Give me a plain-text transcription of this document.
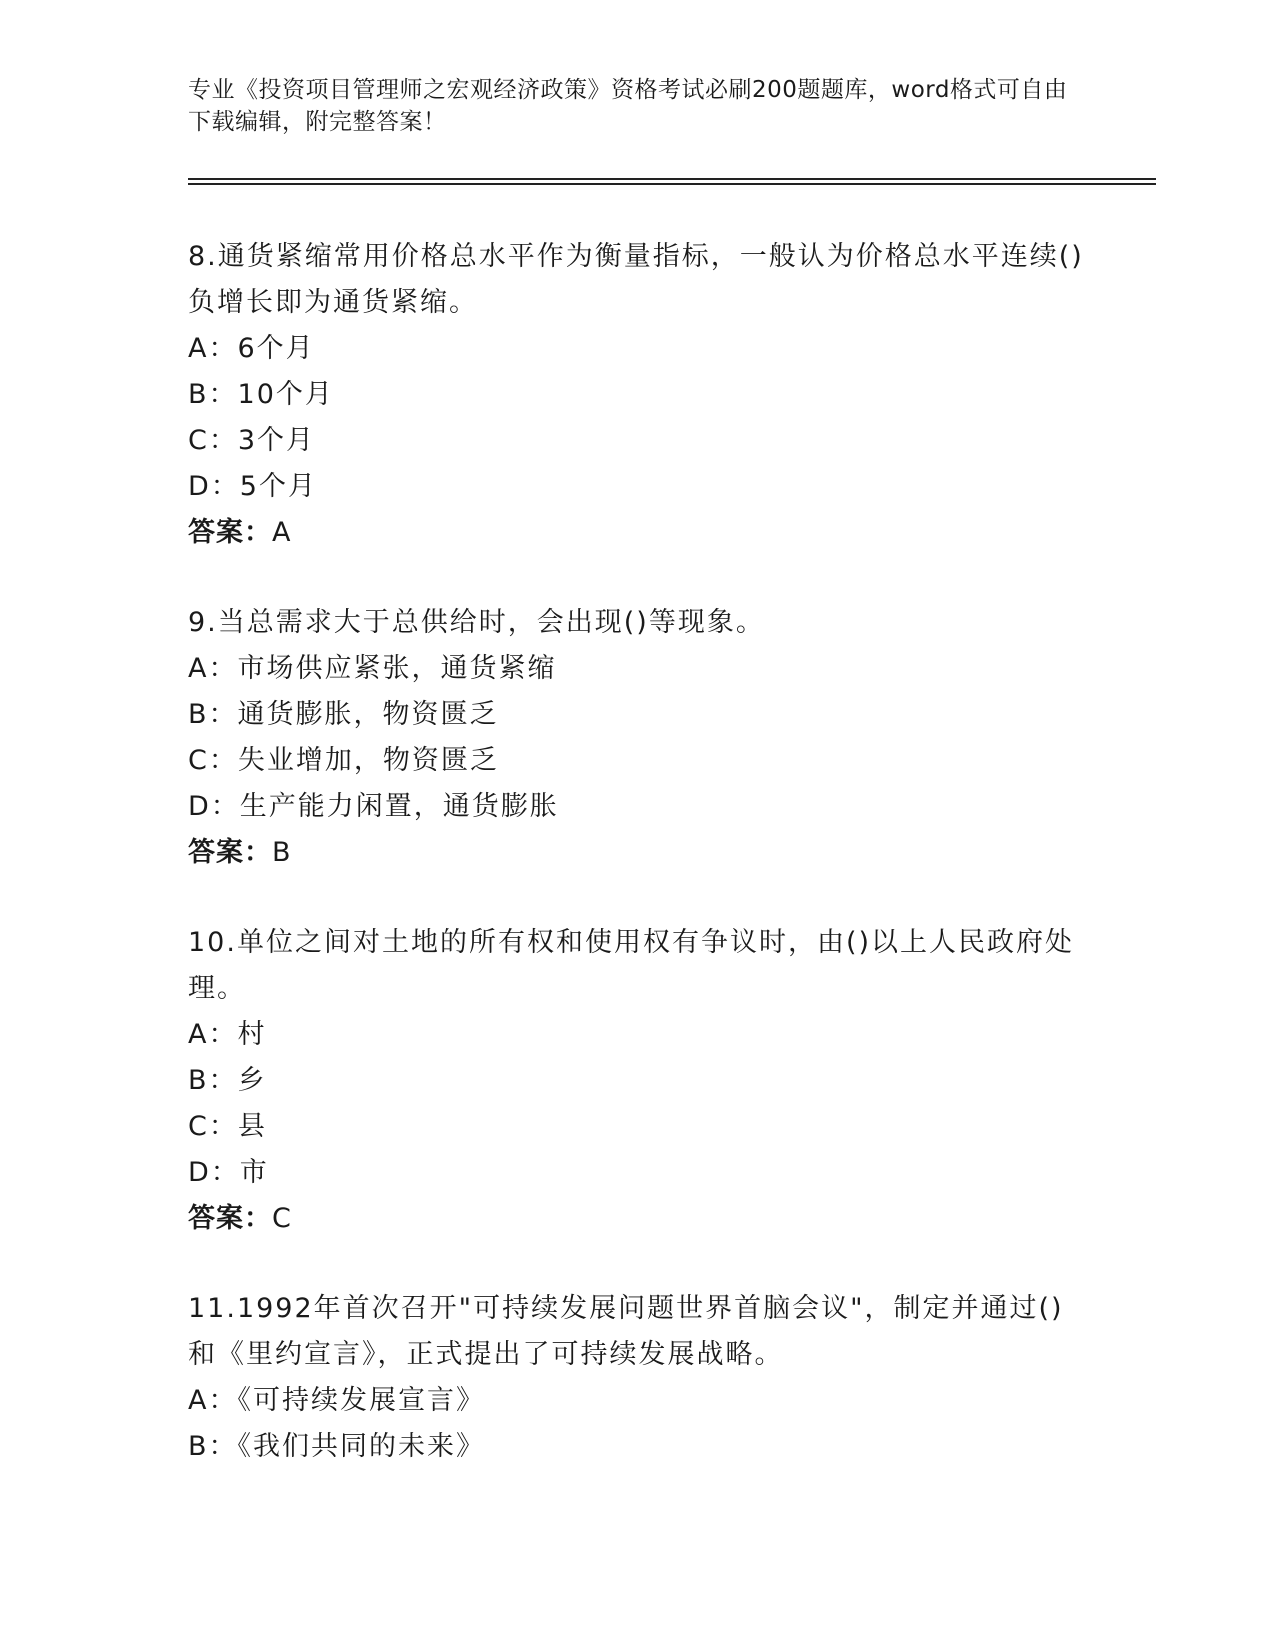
专业《投资项目管理师之宏观经济政策》资格考试必刷200题题库，word格式可自由下载编辑，附完整答案！

8.通货紧缩常用价格总水平作为衡量指标，一般认为价格总水平连续()负增长即为通货紧缩。

A：6个月

B：10个月

C：3个月

D：5个月

答案：A

9.当总需求大于总供给时，会出现()等现象。

A：市场供应紧张，通货紧缩

B：通货膨胀，物资匮乏

C：失业增加，物资匮乏

D：生产能力闲置，通货膨胀

答案：B

10.单位之间对土地的所有权和使用权有争议时，由()以上人民政府处理。

A：村

B：乡

C：县

D：市

答案：C

11.1992年首次召开"可持续发展问题世界首脑会议"，制定并通过()和《里约宣言》，正式提出了可持续发展战略。

A：《可持续发展宣言》

B：《我们共同的未来》
